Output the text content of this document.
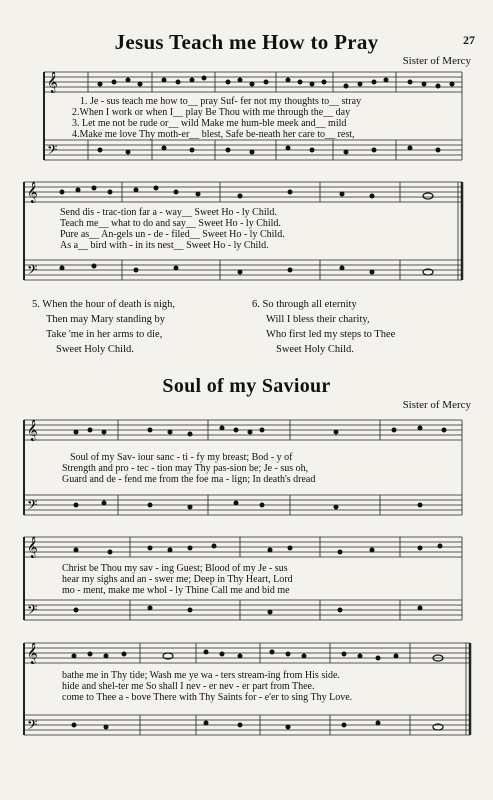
27
Jesus Teach me How to Pray
Sister of Mercy
𝄞
𝄢
1. Je - sus teach me how to__ pray Suf- fer not my thoughts to__ stray
2.When I work or when I__ play Be Thou with me through the__ day
3. Let me not be rude or__ wild Make me hum-ble meek and__ mild
4.Make me love Thy moth-er__ blest, Safe be-neath her care to__ rest,
𝄞
𝄢
Send dis - trac-tion far a - way__ Sweet Ho - ly Child.
Teach me__ what to do and say__ Sweet Ho - ly Child.
Pure as__ An-gels un - de - filed__ Sweet Ho - ly Child.
As a__ bird with - in its nest__ Sweet Ho - ly Child.
5. When the hour of death is nigh,
Then may Mary standing by
Take 'me in her arms to die,
Sweet Holy Child.
6. So through all eternity
Will I bless their charity,
Who first led my steps to Thee
Sweet Holy Child.
Soul of my Saviour
Sister of Mercy
𝄞
𝄢
Soul of my Sav- iour sanc - ti - fy my breast; Bod - y of
Strength and pro - tec - tion may Thy pas-sion be; Je - sus oh,
Guard and de - fend me from the foe ma - lign; In death's dread
𝄞
𝄢
Christ be Thou my sav - ing Guest; Blood of my Je - sus
hear my sighs and an - swer me; Deep in Thy Heart, Lord
mo - ment, make me whol - ly Thine Call me and bid me
𝄞
𝄢
bathe me in Thy tide; Wash me ye wa - ters stream-ing from His side.
hide and shel-ter me So shall I nev - er nev - er part from Thee.
come to Thee a - bove There with Thy Saints for - e'er to sing Thy Love.
